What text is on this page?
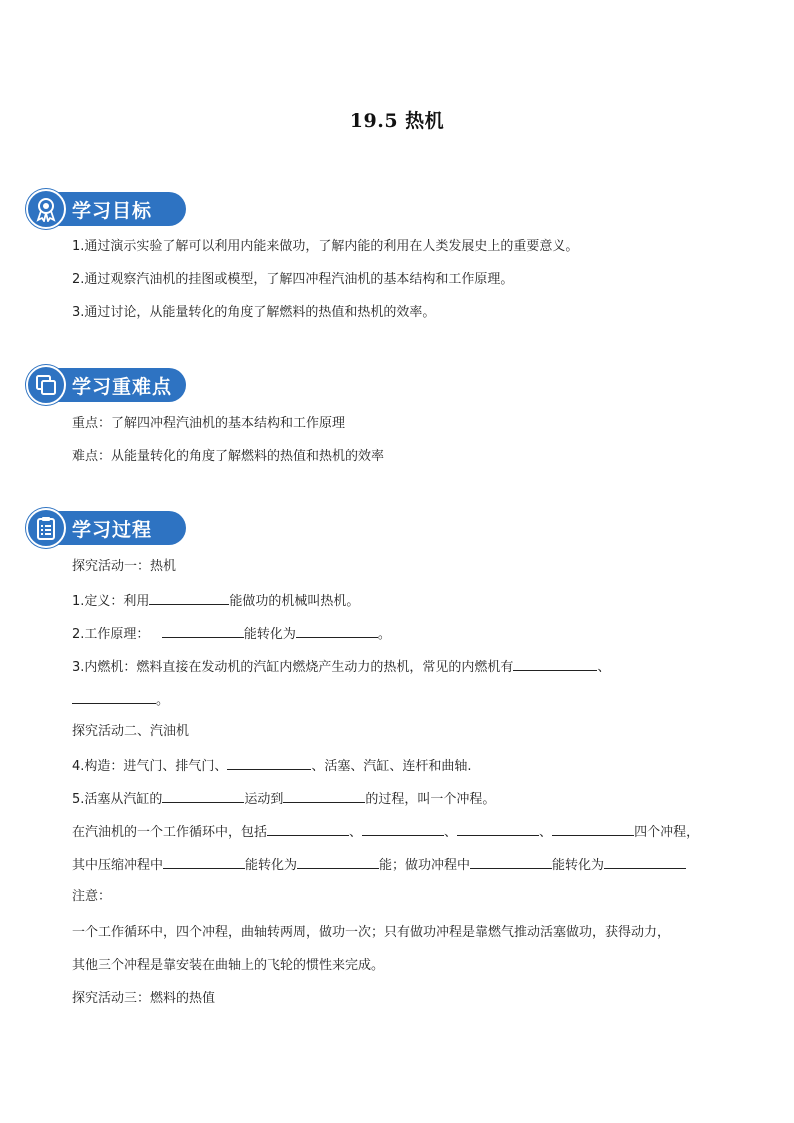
19.5 热机
学习目标
1.通过演示实验了解可以利用内能来做功，了解内能的利用在人类发展史上的重要意义。
2.通过观察汽油机的挂图或模型，了解四冲程汽油机的基本结构和工作原理。
3.通过讨论，从能量转化的角度了解燃料的热值和热机的效率。
学习重难点
重点：了解四冲程汽油机的基本结构和工作原理
难点：从能量转化的角度了解燃料的热值和热机的效率
学习过程
探究活动一：热机
1.定义：利用	能做功的机械叫热机。
2.工作原理：	能转化为	。
3.内燃机：燃料直接在发动机的汽缸内燃烧产生动力的热机，常见的内燃机有	、
。
探究活动二、汽油机
4.构造：进气门、排气门、	、活塞、汽缸、连杆和曲轴.
5.活塞从汽缸的	运动到	的过程，叫一个冲程。
在汽油机的一个工作循环中，包括	、	、	、	四个冲程，
其中压缩冲程中	能转化为	能；做功冲程中	能转化为
注意：
一个工作循环中，四个冲程，曲轴转两周，做功一次；只有做功冲程是靠燃气推动活塞做功，获得动力，
其他三个冲程是靠安装在曲轴上的飞轮的惯性来完成。
探究活动三：燃料的热值
